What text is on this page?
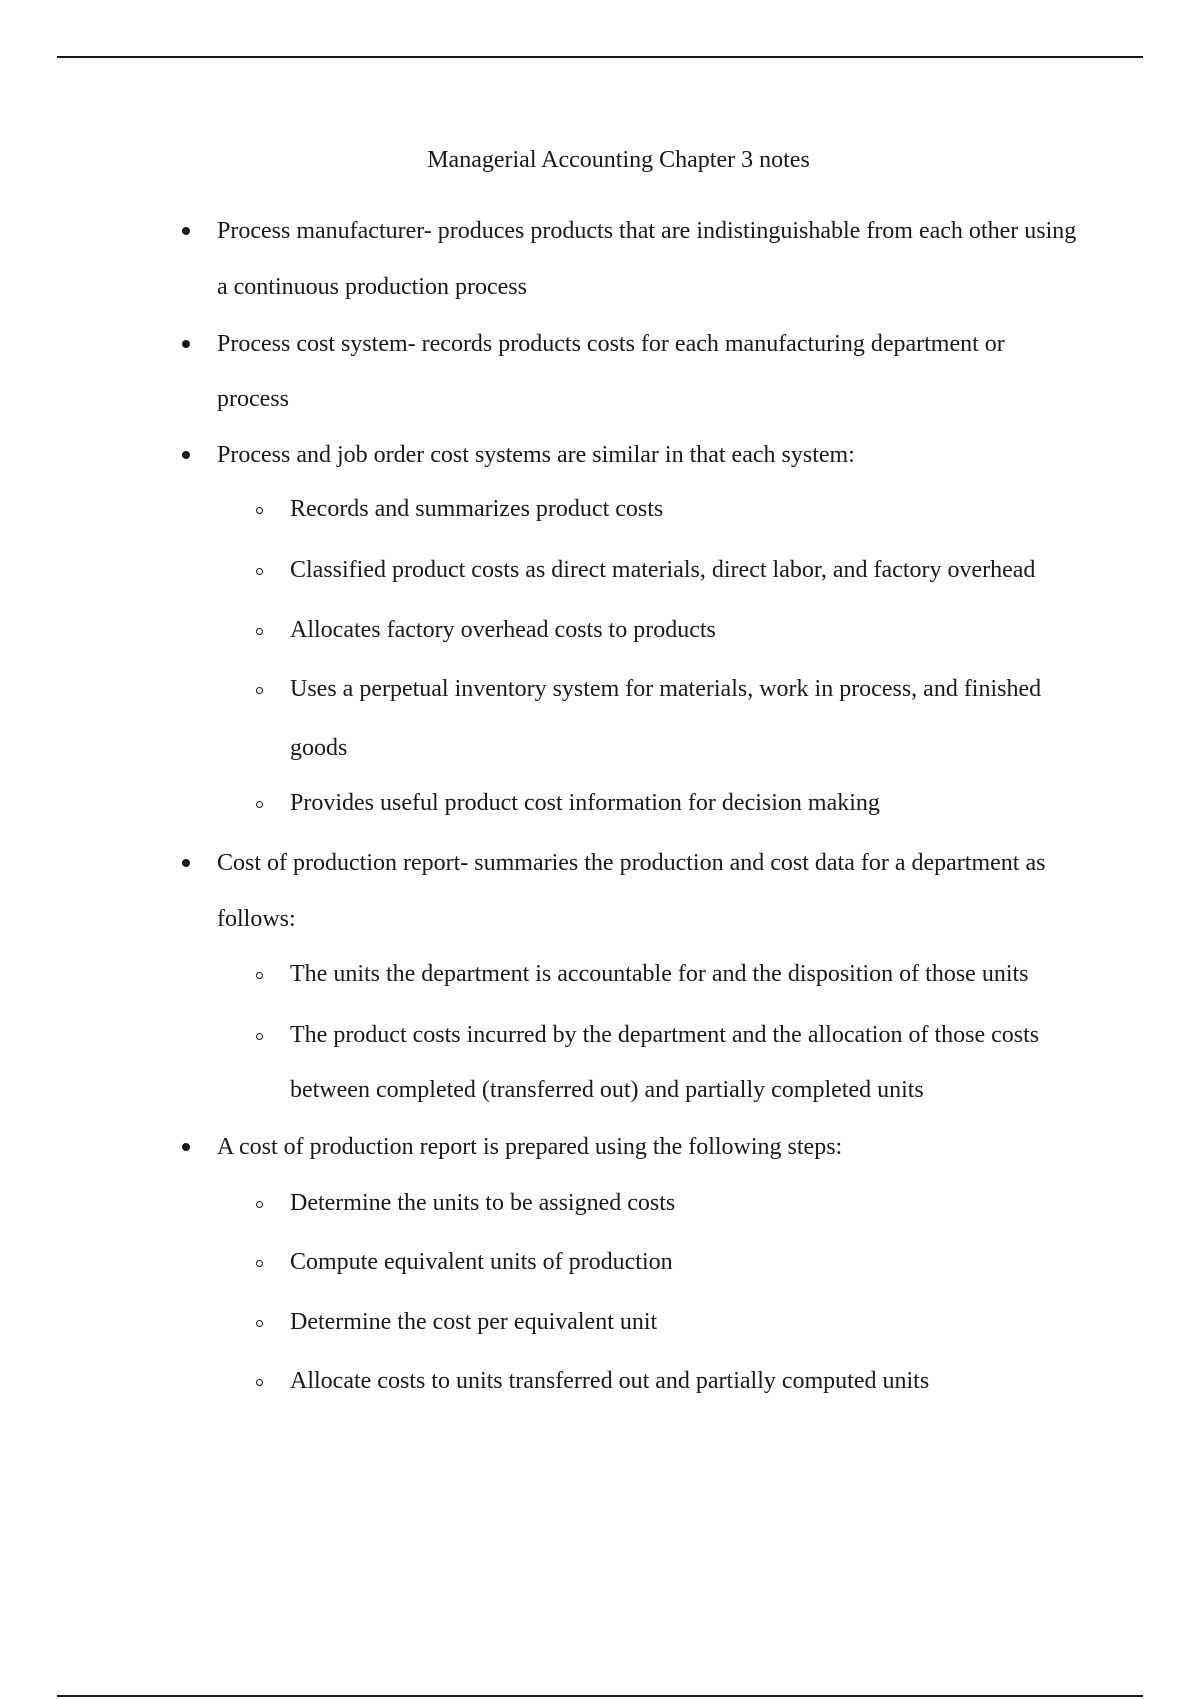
Managerial Accounting Chapter 3 notes
Process manufacturer- produces products that are indistinguishable from each other using
a continuous production process
Process cost system- records products costs for each manufacturing department or
process
Process and job order cost systems are similar in that each system:
Records and summarizes product costs
Classified product costs as direct materials, direct labor, and factory overhead
Allocates factory overhead costs to products
Uses a perpetual inventory system for materials, work in process, and finished
goods
Provides useful product cost information for decision making
Cost of production report- summaries the production and cost data for a department as
follows:
The units the department is accountable for and the disposition of those units
The product costs incurred by the department and the allocation of those costs
between completed (transferred out) and partially completed units
A cost of production report is prepared using the following steps:
Determine the units to be assigned costs
Compute equivalent units of production
Determine the cost per equivalent unit
Allocate costs to units transferred out and partially computed units
